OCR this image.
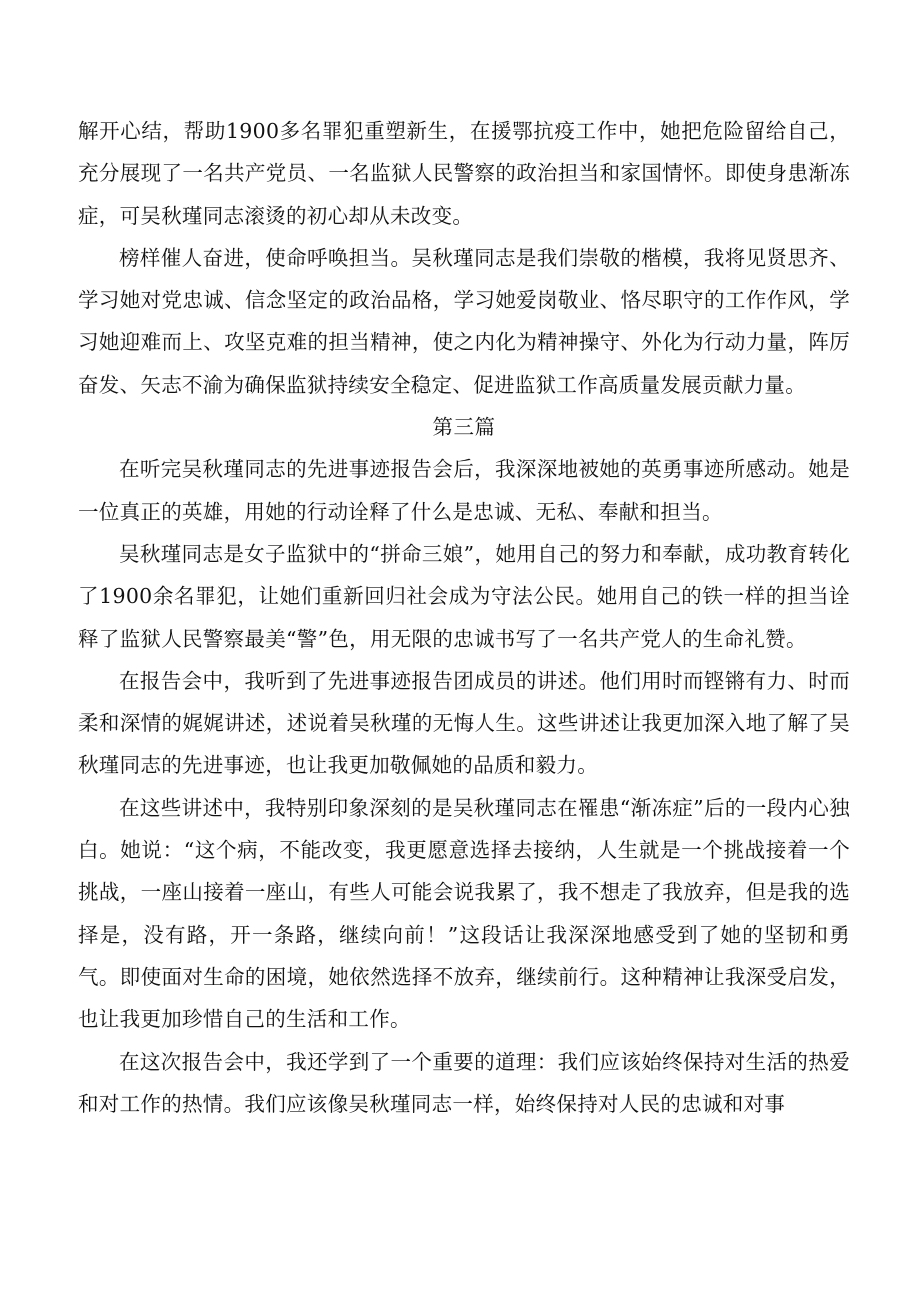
解开心结，帮助1900多名罪犯重塑新生，在援鄂抗疫工作中，她把危险留给自己，充分展现了一名共产党员、一名监狱人民警察的政治担当和家国情怀。即使身患渐冻症，可吴秋瑾同志滚烫的初心却从未改变。

榜样催人奋进，使命呼唤担当。吴秋瑾同志是我们崇敬的楷模，我将见贤思齐、学习她对党忠诚、信念坚定的政治品格，学习她爱岗敬业、恪尽职守的工作作风，学习她迎难而上、攻坚克难的担当精神，使之内化为精神操守、外化为行动力量，阵厉奋发、矢志不渝为确保监狱持续安全稳定、促进监狱工作高质量发展贡献力量。

第三篇

在听完吴秋瑾同志的先进事迹报告会后，我深深地被她的英勇事迹所感动。她是一位真正的英雄，用她的行动诠释了什么是忠诚、无私、奉献和担当。

吴秋瑾同志是女子监狱中的“拼命三娘”，她用自己的努力和奉献，成功教育转化了1900余名罪犯，让她们重新回归社会成为守法公民。她用自己的铁一样的担当诠释了监狱人民警察最美“警”色，用无限的忠诚书写了一名共产党人的生命礼赞。

在报告会中，我听到了先进事迹报告团成员的讲述。他们用时而铿锵有力、时而柔和深情的娓娓讲述，述说着吴秋瑾的无悔人生。这些讲述让我更加深入地了解了吴秋瑾同志的先进事迹，也让我更加敬佩她的品质和毅力。

在这些讲述中，我特别印象深刻的是吴秋瑾同志在罹患“渐冻症”后的一段内心独白。她说：“这个病，不能改变，我更愿意选择去接纳，人生就是一个挑战接着一个挑战，一座山接着一座山，有些人可能会说我累了，我不想走了我放弃，但是我的选择是，没有路，开一条路，继续向前！”这段话让我深深地感受到了她的坚韧和勇气。即使面对生命的困境，她依然选择不放弃，继续前行。这种精神让我深受启发，也让我更加珍惜自己的生活和工作。

在这次报告会中，我还学到了一个重要的道理：我们应该始终保持对生活的热爱和对工作的热情。我们应该像吴秋瑾同志一样，始终保持对人民的忠诚和对事
